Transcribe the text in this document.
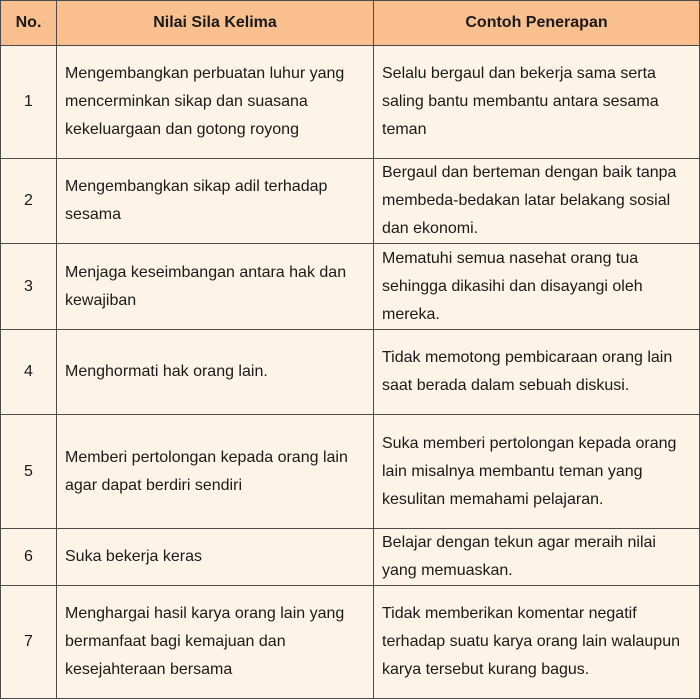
No.	Nilai Sila Kelima	Contoh Penerapan
1	Mengembangkan perbuatan luhur yang mencerminkan sikap dan suasana kekeluargaan dan gotong royong	Selalu bergaul dan bekerja sama serta saling bantu membantu antara sesama teman
2	Mengembangkan sikap adil terhadap sesama	Bergaul dan berteman dengan baik tanpa membeda-bedakan latar belakang sosial dan ekonomi.
3	Menjaga keseimbangan antara hak dan kewajiban	Mematuhi semua nasehat orang tua sehingga dikasihi dan disayangi oleh mereka.
4	Menghormati hak orang lain.	Tidak memotong pembicaraan orang lain saat berada dalam sebuah diskusi.
5	Memberi pertolongan kepada orang lain agar dapat berdiri sendiri	Suka memberi pertolongan kepada orang lain misalnya membantu teman yang kesulitan memahami pelajaran.
6	Suka bekerja keras	Belajar dengan tekun agar meraih nilai yang memuaskan.
7	Menghargai hasil karya orang lain yang bermanfaat bagi kemajuan dan kesejahteraan bersama	Tidak memberikan komentar negatif terhadap suatu karya orang lain walaupun karya tersebut kurang bagus.
